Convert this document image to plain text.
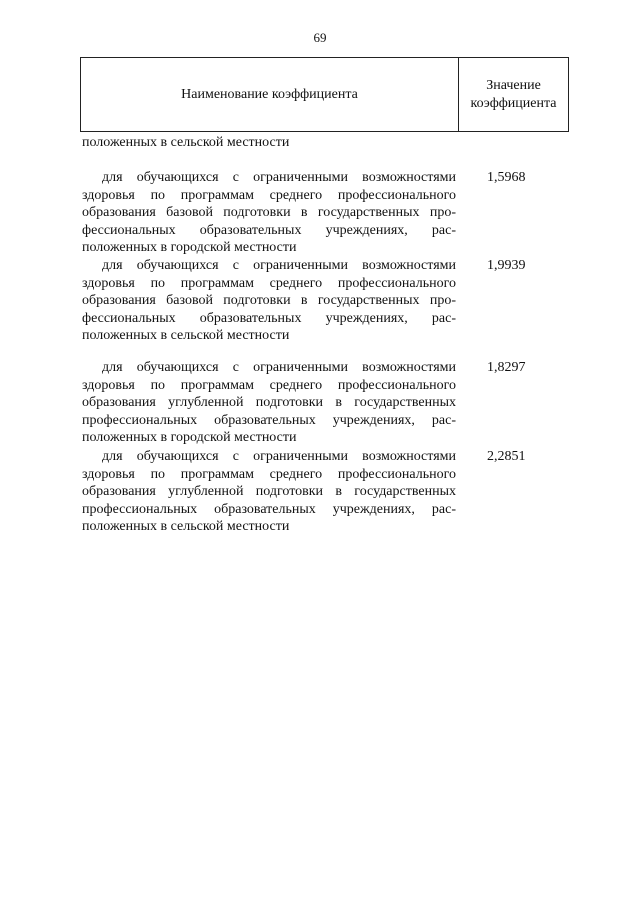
69
Наименование коэффициента
Значение
коэффициента
положенных в сельской местности
для обучающихся с ограниченными возможностями
здоровья по программам среднего профессионального
образования базовой подготовки в государственных про-
фессиональных образовательных учреждениях, рас-
положенных в городской местности
1,5968
для обучающихся с ограниченными возможностями
здоровья по программам среднего профессионального
образования базовой подготовки в государственных про-
фессиональных образовательных учреждениях, рас-
положенных в сельской местности
1,9939
для обучающихся с ограниченными возможностями
здоровья по программам среднего профессионального
образования углубленной подготовки в государственных
профессиональных образовательных учреждениях, рас-
положенных в городской местности
1,8297
для обучающихся с ограниченными возможностями
здоровья по программам среднего профессионального
образования углубленной подготовки в государственных
профессиональных образовательных учреждениях, рас-
положенных в сельской местности
2,2851
